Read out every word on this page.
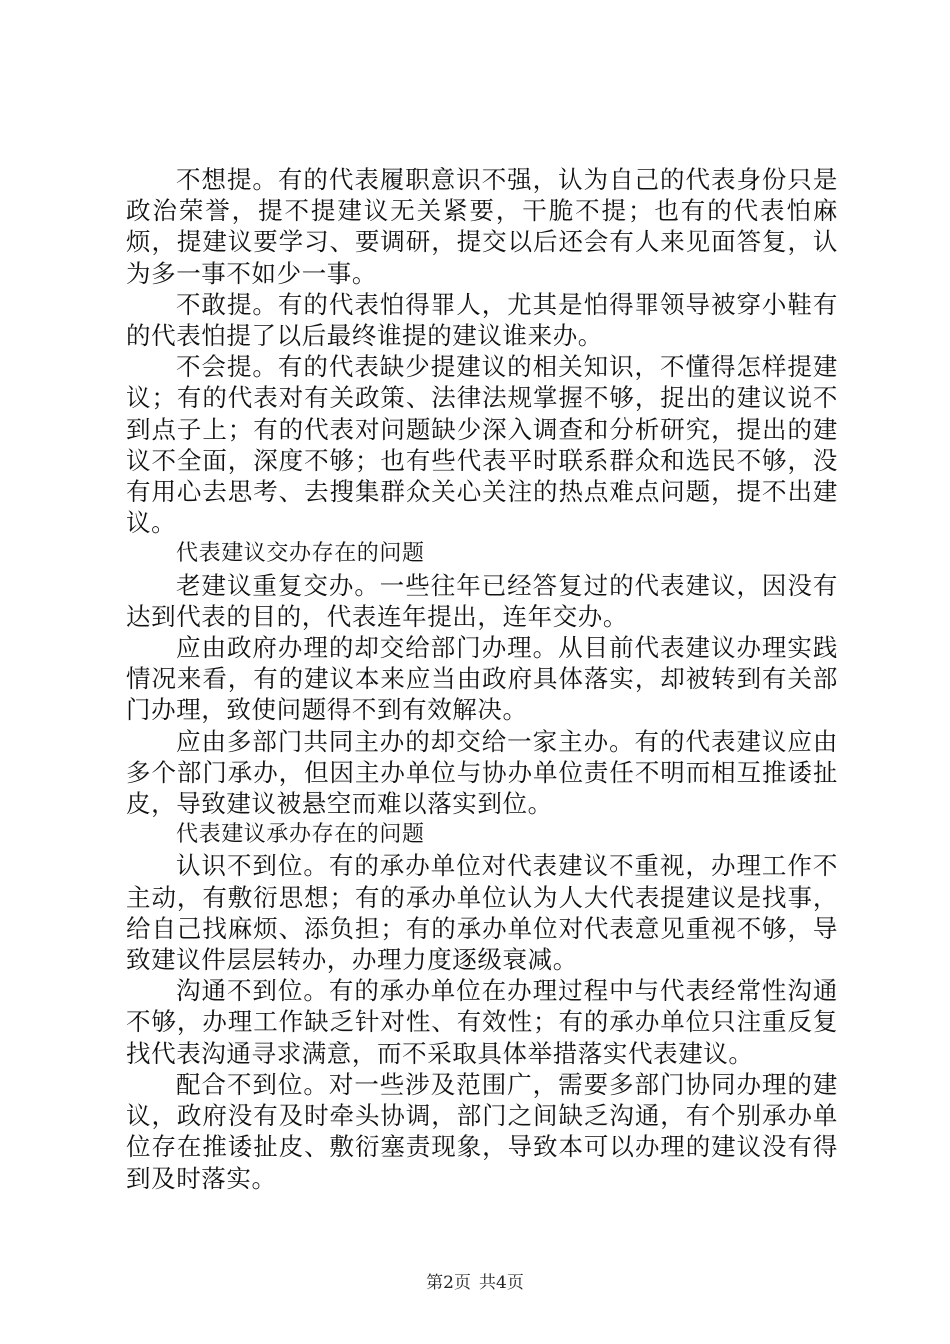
不想提。有的代表履职意识不强，认为自己的代表身份只是政治荣誉，提不提建议无关紧要，干脆不提；也有的代表怕麻烦，提建议要学习、要调研，提交以后还会有人来见面答复，认为多一事不如少一事。

不敢提。有的代表怕得罪人，尤其是怕得罪领导被穿小鞋有的代表怕提了以后最终谁提的建议谁来办。

不会提。有的代表缺少提建议的相关知识，不懂得怎样提建议；有的代表对有关政策、法律法规掌握不够，捉出的建议说不到点子上；有的代表对问题缺少深入调查和分析研究，提出的建议不全面，深度不够；也有些代表平时联系群众和选民不够，没有用心去思考、去搜集群众关心关注的热点难点问题，提不出建议。

代表建议交办存在的问题

老建议重复交办。一些往年已经答复过的代表建议，因没有达到代表的目的，代表连年提出，连年交办。

应由政府办理的却交给部门办理。从目前代表建议办理实践情况来看，有的建议本来应当由政府具体落实，却被转到有关部门办理，致使问题得不到有效解决。

应由多部门共同主办的却交给一家主办。有的代表建议应由多个部门承办，但因主办单位与协办单位责任不明而相互推诿扯皮，导致建议被悬空而难以落实到位。

代表建议承办存在的问题

认识不到位。有的承办单位对代表建议不重视，办理工作不主动，有敷衍思想；有的承办单位认为人大代表提建议是找事，给自己找麻烦、添负担；有的承办单位对代表意见重视不够，导致建议件层层转办，办理力度逐级衰减。

沟通不到位。有的承办单位在办理过程中与代表经常性沟通不够，办理工作缺乏针对性、有效性；有的承办单位只注重反复找代表沟通寻求满意，而不采取具体举措落实代表建议。

配合不到位。对一些涉及范围广，需要多部门协同办理的建议，政府没有及时牵头协调，部门之间缺乏沟通，有个别承办单位存在推诿扯皮、敷衍塞责现象，导致本可以办理的建议没有得到及时落实。

第2页 共4页
